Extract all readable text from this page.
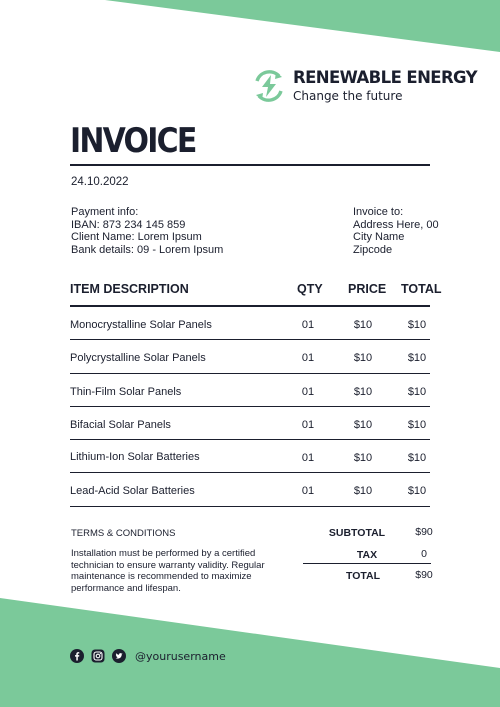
RENEWABLE ENERGY
Change the future
INVOICE
24.10.2022
Payment info:
IBAN: 873 234 145 859
Client Name: Lorem Ipsum
Bank details: 09 - Lorem Ipsum
Invoice to:
Address Here, 00
City Name
Zipcode
ITEM DESCRIPTION	QTY PRICE TOTAL
Monocrystalline Solar Panels	01	$10	$10
Polycrystalline Solar Panels	01	$10	$10
Thin-Film Solar Panels	01	$10	$10
Bifacial Solar Panels	01	$10	$10
Lithium-Ion Solar Batteries	01	$10	$10
Lead-Acid Solar Batteries	01	$10	$10
TERMS & CONDITIONS
Installation must be performed by a certified technician to ensure warranty validity. Regular maintenance is recommended to maximize performance and lifespan.
SUBTOTAL	$90
TAX	0
TOTAL	$90
@yourusername
